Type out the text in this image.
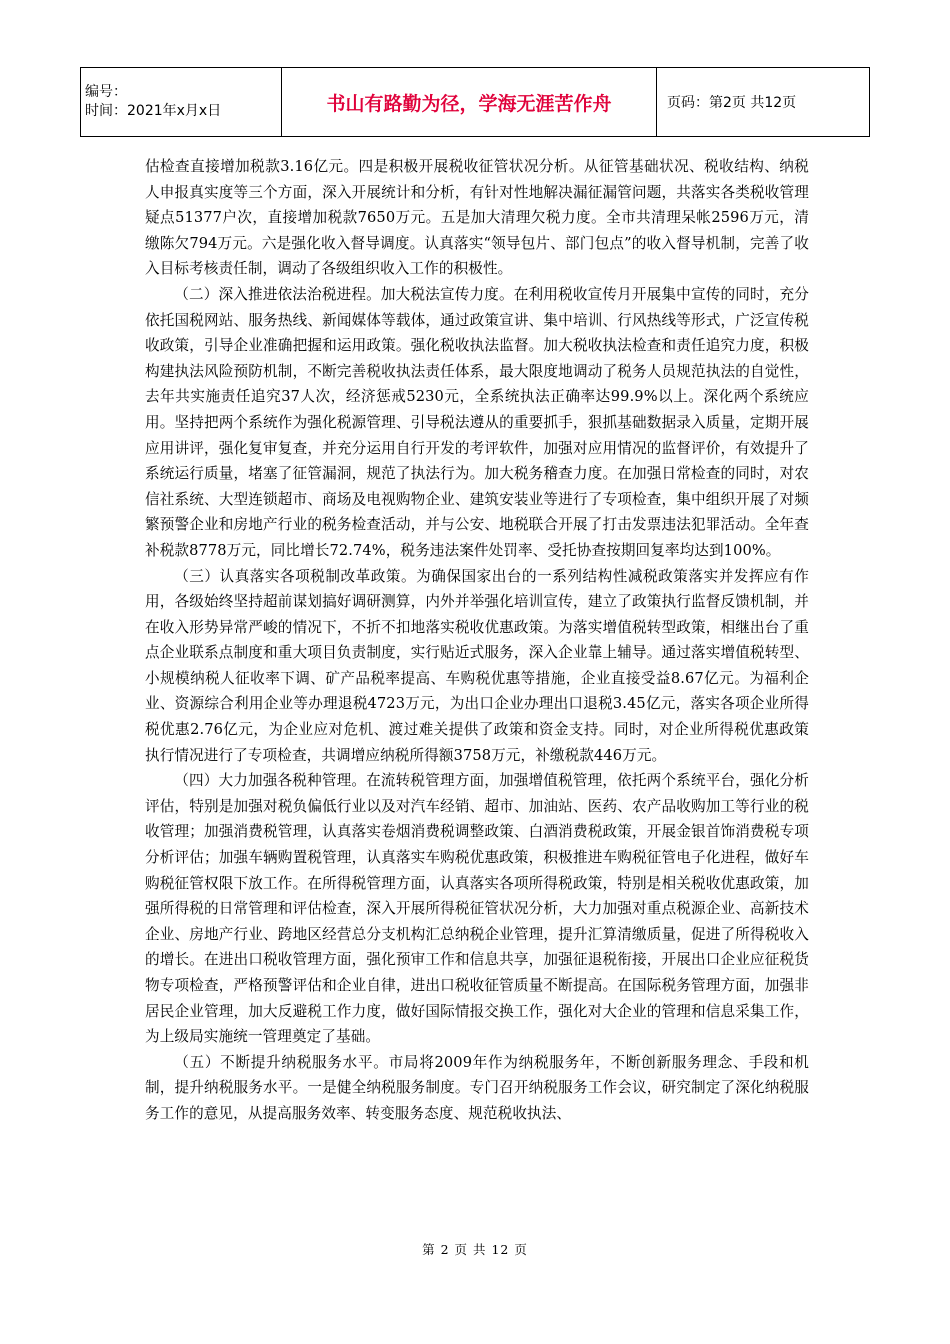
编号：
时间：2021年x月x日	书山有路勤为径，学海无涯苦作舟	页码：第2页 共12页

估检查直接增加税款3.16亿元。四是积极开展税收征管状况分析。从征管基础状况、税收结构、纳税人申报真实度等三个方面，深入开展统计和分析，有针对性地解决漏征漏管问题，共落实各类税收管理疑点51377户次，直接增加税款7650万元。五是加大清理欠税力度。全市共清理呆帐2596万元，清缴陈欠794万元。六是强化收入督导调度。认真落实“领导包片、部门包点”的收入督导机制，完善了收入目标考核责任制，调动了各级组织收入工作的积极性。

（二）深入推进依法治税进程。加大税法宣传力度。在利用税收宣传月开展集中宣传的同时，充分依托国税网站、服务热线、新闻媒体等载体，通过政策宣讲、集中培训、行风热线等形式，广泛宣传税收政策，引导企业准确把握和运用政策。强化税收执法监督。加大税收执法检查和责任追究力度，积极构建执法风险预防机制，不断完善税收执法责任体系，最大限度地调动了税务人员规范执法的自觉性，去年共实施责任追究37人次，经济惩戒5230元，全系统执法正确率达99.9%以上。深化两个系统应用。坚持把两个系统作为强化税源管理、引导税法遵从的重要抓手，狠抓基础数据录入质量，定期开展应用讲评，强化复审复查，并充分运用自行开发的考评软件，加强对应用情况的监督评价，有效提升了系统运行质量，堵塞了征管漏洞，规范了执法行为。加大税务稽查力度。在加强日常检查的同时，对农信社系统、大型连锁超市、商场及电视购物企业、建筑安装业等进行了专项检查，集中组织开展了对频繁预警企业和房地产行业的税务检查活动，并与公安、地税联合开展了打击发票违法犯罪活动。全年查补税款8778万元，同比增长72.74%，税务违法案件处罚率、受托协查按期回复率均达到100%。

（三）认真落实各项税制改革政策。为确保国家出台的一系列结构性减税政策落实并发挥应有作用，各级始终坚持超前谋划搞好调研测算，内外并举强化培训宣传，建立了政策执行监督反馈机制，并在收入形势异常严峻的情况下，不折不扣地落实税收优惠政策。为落实增值税转型政策，相继出台了重点企业联系点制度和重大项目负责制度，实行贴近式服务，深入企业靠上辅导。通过落实增值税转型、小规模纳税人征收率下调、矿产品税率提高、车购税优惠等措施，企业直接受益8.67亿元。为福利企业、资源综合利用企业等办理退税4723万元，为出口企业办理出口退税3.45亿元，落实各项企业所得税优惠2.76亿元，为企业应对危机、渡过难关提供了政策和资金支持。同时，对企业所得税优惠政策执行情况进行了专项检查，共调增应纳税所得额3758万元，补缴税款446万元。

（四）大力加强各税种管理。在流转税管理方面，加强增值税管理，依托两个系统平台，强化分析评估，特别是加强对税负偏低行业以及对汽车经销、超市、加油站、医药、农产品收购加工等行业的税收管理；加强消费税管理，认真落实卷烟消费税调整政策、白酒消费税政策，开展金银首饰消费税专项分析评估；加强车辆购置税管理，认真落实车购税优惠政策，积极推进车购税征管电子化进程，做好车购税征管权限下放工作。在所得税管理方面，认真落实各项所得税政策，特别是相关税收优惠政策，加强所得税的日常管理和评估检查，深入开展所得税征管状况分析，大力加强对重点税源企业、高新技术企业、房地产行业、跨地区经营总分支机构汇总纳税企业管理，提升汇算清缴质量，促进了所得税收入的增长。在进出口税收管理方面，强化预审工作和信息共享，加强征退税衔接，开展出口企业应征税货物专项检查，严格预警评估和企业自律，进出口税收征管质量不断提高。在国际税务管理方面，加强非居民企业管理，加大反避税工作力度，做好国际情报交换工作，强化对大企业的管理和信息采集工作，为上级局实施统一管理奠定了基础。

（五）不断提升纳税服务水平。市局将2009年作为纳税服务年，不断创新服务理念、手段和机制，提升纳税服务水平。一是健全纳税服务制度。专门召开纳税服务工作会议，研究制定了深化纳税服务工作的意见，从提高服务效率、转变服务态度、规范税收执法、

第 2 页 共 12 页
